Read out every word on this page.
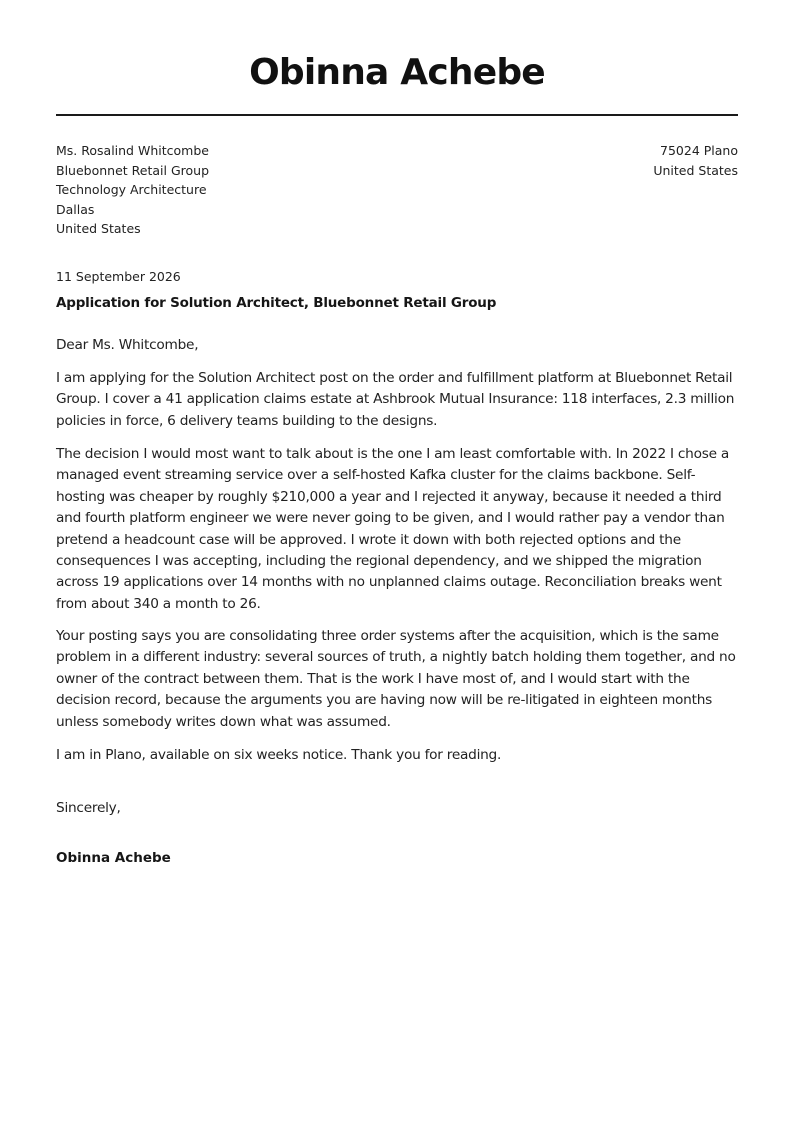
Obinna Achebe
Ms. Rosalind Whitcombe
Bluebonnet Retail Group
Technology Architecture
Dallas
United States
75024 Plano
United States
11 September 2026
Application for Solution Architect, Bluebonnet Retail Group

Dear Ms. Whitcombe,

I am applying for the Solution Architect post on the order and fulfillment platform at Bluebonnet Retail Group. I cover a 41 application claims estate at Ashbrook Mutual Insurance: 118 interfaces, 2.3 million policies in force, 6 delivery teams building to the designs.

The decision I would most want to talk about is the one I am least comfortable with. In 2022 I chose a managed event streaming service over a self-hosted Kafka cluster for the claims backbone. Self-hosting was cheaper by roughly $210,000 a year and I rejected it anyway, because it needed a third and fourth platform engineer we were never going to be given, and I would rather pay a vendor than pretend a headcount case will be approved. I wrote it down with both rejected options and the consequences I was accepting, including the regional dependency, and we shipped the migration across 19 applications over 14 months with no unplanned claims outage. Reconciliation breaks went from about 340 a month to 26.

Your posting says you are consolidating three order systems after the acquisition, which is the same problem in a different industry: several sources of truth, a nightly batch holding them together, and no owner of the contract between them. That is the work I have most of, and I would start with the decision record, because the arguments you are having now will be re-litigated in eighteen months unless somebody writes down what was assumed.

I am in Plano, available on six weeks notice. Thank you for reading.

Sincerely,

Obinna Achebe
